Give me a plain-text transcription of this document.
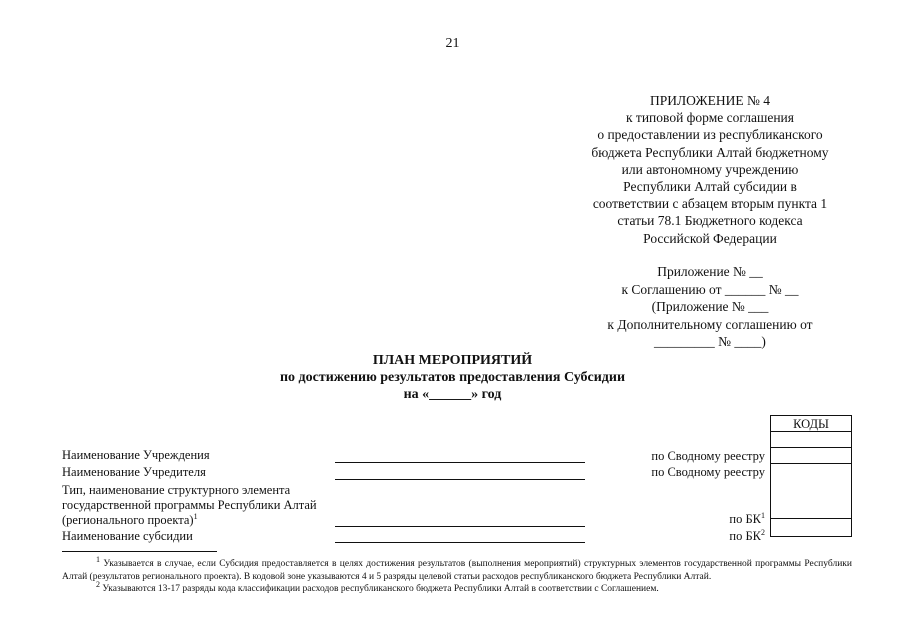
21
ПРИЛОЖЕНИЕ № 4
к типовой форме соглашения
о предоставлении из республиканского
бюджета Республики Алтай бюджетному
или автономному учреждению
Республики Алтай субсидии в
соответствии с абзацем вторым пункта 1
статьи 78.1 Бюджетного кодекса
Российской Федерации
Приложение № __
к Соглашению от ______ № __
(Приложение № ___
к Дополнительному соглашению от
_________ № ____)
ПЛАН МЕРОПРИЯТИЙ
по достижению результатов предоставления Субсидии
на «______» год
КОДЫ
Наименование Учреждения
Наименование Учредителя
Тип, наименование структурного элемента
государственной программы Республики Алтай
(регионального проекта)$^1$
Наименование субсидии
по Сводному реестру
по Сводному реестру
по $БК^1$
по $БК^2$

$^1$ Указывается в случае, если Субсидия предоставляется в целях достижения результатов (выполнения мероприятий) структурных элементов государственной программы Республики Алтай (результатов регионального проекта). В кодовой зоне указываются 4 и 5 разряды целевой статьи расходов республиканского бюджета Республики Алтай.

$^2$ Указываются 13-17 разряды кода классификации расходов республиканского бюджета Республики Алтай в соответствии с Соглашением.
